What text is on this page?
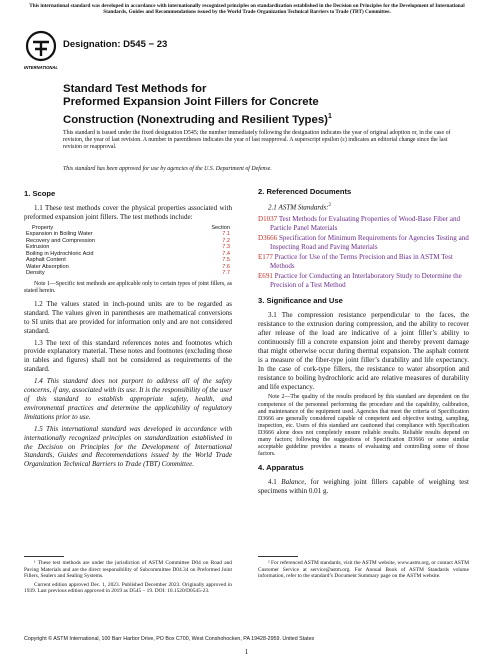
This international standard was developed in accordance with internationally recognized principles on standardization established in the Decision on Principles for the Development of International Standards, Guides and Recommendations issued by the World Trade Organization Technical Barriers to Trade (TBT) Committee.
INTERNATIONAL
Designation: D545 − 23
Standard Test Methods for
Preformed Expansion Joint Fillers for Concrete
Construction (Nonextruding and Resilient Types)$^1$
This standard is issued under the fixed designation D545; the number immediately following the designation indicates the year of original adoption or, in the case of revision, the year of last revision. A number in parentheses indicates the year of last reapproval. A superscript epsilon (ε) indicates an editorial change since the last revision or reapproval.
This standard has been approved for use by agencies of the U.S. Department of Defense.
1. Scope
1.1 These test methods cover the physical properties associated with preformed expansion joint fillers. The test methods include:
Property	Section
Expansion in Boiling Water	7.1
Recovery and Compression	7.2
Extrusion	7.3
Boiling in Hydrochloric Acid	7.4
Asphalt Content	7.5
Water Absorption	7.6
Density	7.7
Note 1—Specific test methods are applicable only to certain types of joint fillers, as stated herein.
1.2 The values stated in inch-pound units are to be regarded as standard. The values given in parentheses are mathematical conversions to SI units that are provided for information only and are not considered standard.
1.3 The text of this standard references notes and footnotes which provide explanatory material. These notes and footnotes (excluding those in tables and figures) shall not be considered as requirements of the standard.
1.4 This standard does not purport to address all of the safety concerns, if any, associated with its use. It is the responsibility of the user of this standard to establish appropriate safety, health, and environmental practices and determine the applicability of regulatory limitations prior to use.
1.5 This international standard was developed in accordance with internationally recognized principles on standardization established in the Decision on Principles for the Development of International Standards, Guides and Recommendations issued by the World Trade Organization Technical Barriers to Trade (TBT) Committee.
2. Referenced Documents
2.1 ASTM Standards:$^2$
D1037 Test Methods for Evaluating Properties of Wood-Base Fiber and Particle Panel Materials
D3666 Specification for Minimum Requirements for Agencies Testing and Inspecting Road and Paving Materials
E177 Practice for Use of the Terms Precision and Bias in ASTM Test Methods
E691 Practice for Conducting an Interlaboratory Study to Determine the Precision of a Test Method
3. Significance and Use
3.1 The compression resistance perpendicular to the faces, the resistance to the extrusion during compression, and the ability to recover after release of the load are indicative of a joint filler’s ability to continuously fill a concrete expansion joint and thereby prevent damage that might otherwise occur during thermal expansion. The asphalt content is a measure of the fiber-type joint filler’s durability and life expectancy. In the case of cork-type fillers, the resistance to water absorption and resistance to boiling hydrochloric acid are relative measures of durability and life expectancy.
Note 2—The quality of the results produced by this standard are dependent on the competence of the personnel performing the procedure and the capability, calibration, and maintenance of the equipment used. Agencies that meet the criteria of Specification D3666 are generally considered capable of competent and objective testing, sampling, inspection, etc. Users of this standard are cautioned that compliance with Specification D3666 alone does not completely ensure reliable results. Reliable results depend on many factors; following the suggestions of Specification D3666 or some similar acceptable guideline provides a means of evaluating and controlling some of those factors.
4. Apparatus
4.1 Balance, for weighing joint fillers capable of weighing test specimens within 0.01 g.
¹ These test methods are under the jurisdiction of ASTM Committee D04 on Road and Paving Materials and are the direct responsibility of Subcommittee D04.34 on Preformed Joint Fillers, Sealers and Sealing Systems.
Current edition approved Dec. 1, 2023. Published December 2023. Originally approved in 1939. Last previous edition approved in 2019 as D545 – 19. DOI: 10.1520/D0545-23.
² For referenced ASTM standards, visit the ASTM website, www.astm.org, or contact ASTM Customer Service at service@astm.org. For Annual Book of ASTM Standards volume information, refer to the standard’s Document Summary page on the ASTM website.
Copyright © ASTM International, 100 Barr Harbor Drive, PO Box C700, West Conshohocken, PA 19428-2959. United States
1
